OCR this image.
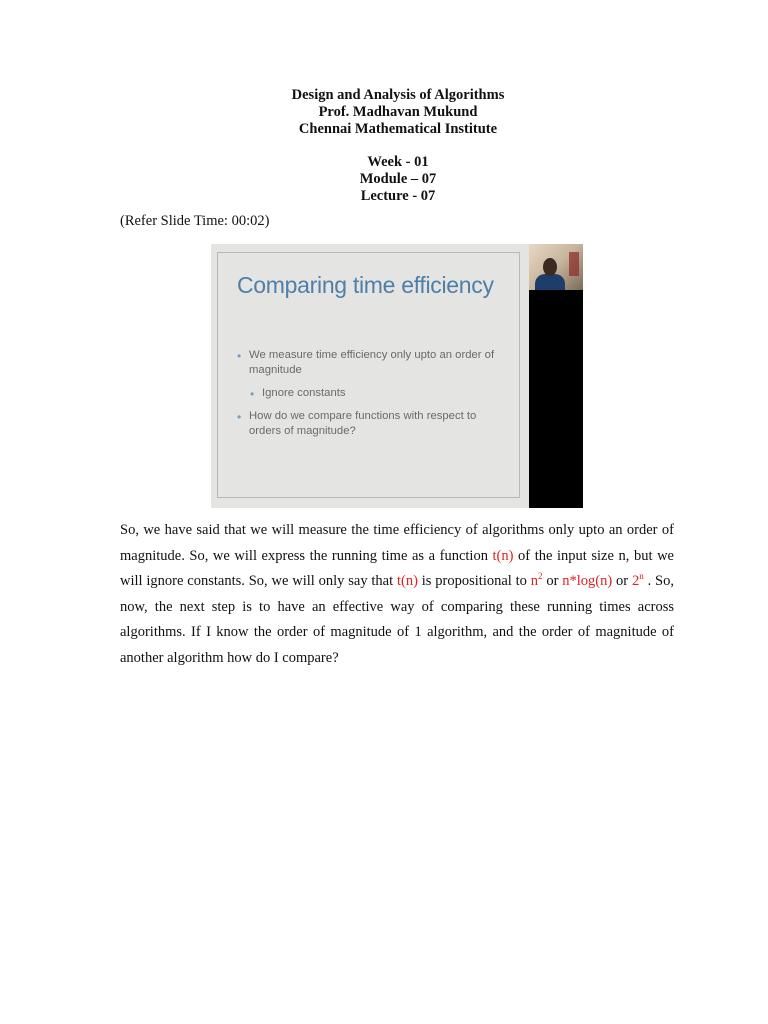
Design and Analysis of Algorithms
Prof. Madhavan Mukund
Chennai Mathematical Institute
Week - 01
Module – 07
Lecture - 07
(Refer Slide Time: 00:02)
Comparing time efficiency
• We measure time efficiency only upto an order of magnitude
• Ignore constants
• How do we compare functions with respect to orders of magnitude?
So, we have said that we will measure the time efficiency of algorithms only upto an order of magnitude. So, we will express the running time as a function t(n) of the input size n, but we will ignore constants. So, we will only say that t(n) is propositional to $n^2$ or n*log(n) or 2$^n$ . So, now, the next step is to have an effective way of comparing these running times across algorithms. If I know the order of magnitude of 1 algorithm, and the order of magnitude of another algorithm how do I compare?
